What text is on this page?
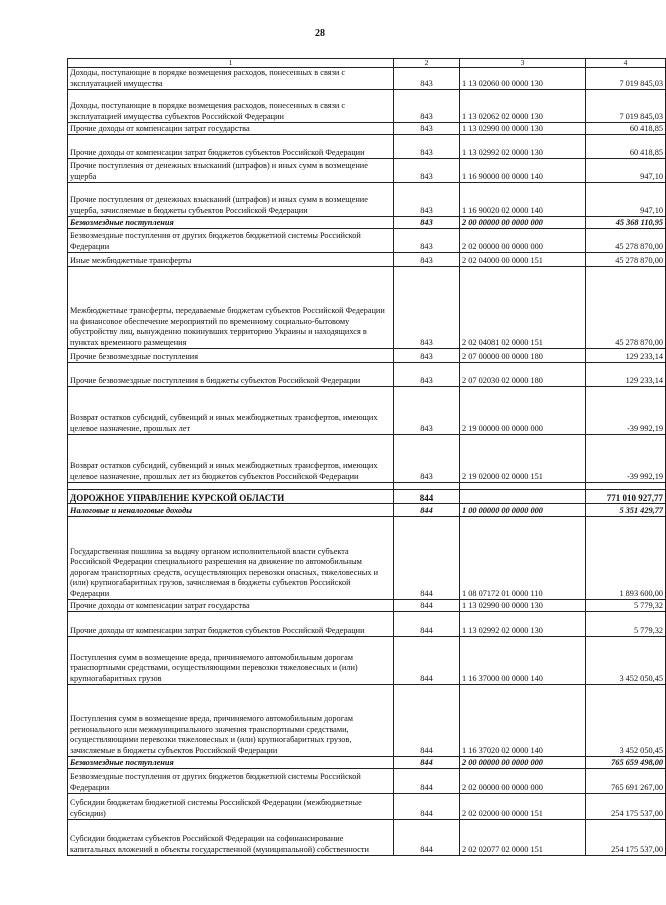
28
1	2	3	4
Доходы, поступающие в порядке возмещения расходов, понесенных в связи с эксплуатацией имущества	843	1 13 02060 00 0000 130	7 019 845,03
Доходы, поступающие в порядке возмещения расходов, понесенных в связи с эксплуатацией имущества субъектов Российской Федерации	843	1 13 02062 02 0000 130	7 019 845,03
Прочие доходы от компенсации затрат государства	843	1 13 02990 00 0000 130	60 418,85
Прочие доходы от компенсации затрат бюджетов субъектов Российской Федерации	843	1 13 02992 02 0000 130	60 418,85
Прочие поступления от денежных взысканий (штрафов) и иных сумм в возмещение ущерба	843	1 16 90000 00 0000 140	947,10
Прочие поступления от денежных взысканий (штрафов) и иных сумм в возмещение ущерба, зачисляемые в бюджеты субъектов Российской Федерации	843	1 16 90020 02 0000 140	947,10
Безвозмездные поступления	843	2 00 00000 00 0000 000	45 368 110,95
Безвозмездные поступления от других бюджетов бюджетной системы Российской Федерации	843	2 02 00000 00 0000 000	45 278 870,00
Иные межбюджетные трансферты	843	2 02 04000 00 0000 151	45 278 870,00
Межбюджетные трансферты, передаваемые бюджетам субъектов Российской Федерации на финансовое обеспечение мероприятий по временному социально-бытовому обустройству лиц, вынужденно покинувших территорию Украины и находящихся в пунктах временного размещения	843	2 02 04081 02 0000 151	45 278 870,00
Прочие безвозмездные поступления	843	2 07 00000 00 0000 180	129 233,14
Прочие безвозмездные поступления в бюджеты субъектов Российской Федерации	843	2 07 02030 02 0000 180	129 233,14
Возврат остатков субсидий, субвенций и иных межбюджетных трансфертов, имеющих целевое назначение, прошлых лет	843	2 19 00000 00 0000 000	-39 992,19
Возврат остатков субсидий, субвенций и иных межбюджетных трансфертов, имеющих целевое назначение, прошлых лет из бюджетов субъектов Российской Федерации	843	2 19 02000 02 0000 151	-39 992,19

ДОРОЖНОЕ УПРАВЛЕНИЕ КУРСКОЙ ОБЛАСТИ	844		771 010 927,77
Налоговые и неналоговые доходы	844	1 00 00000 00 0000 000	5 351 429,77
Государственная пошлина за выдачу органом исполнительной власти субъекта Российской Федерации специального разрешения на движение по автомобильным дорогам транспортных средств, осуществляющих перевозки опасных, тяжеловесных и (или) крупногабаритных грузов, зачисляемая в бюджеты субъектов Российской Федерации	844	1 08 07172 01 0000 110	1 893 600,00
Прочие доходы от компенсации затрат государства	844	1 13 02990 00 0000 130	5 779,32
Прочие доходы от компенсации затрат бюджетов субъектов Российской Федерации	844	1 13 02992 02 0000 130	5 779,32
Поступления сумм в возмещение вреда, причиняемого автомобильным дорогам транспортными средствами, осуществляющими перевозки тяжеловесных и (или) крупногабаритных грузов	844	1 16 37000 00 0000 140	3 452 050,45
Поступления сумм в возмещение вреда, причиняемого автомобильным дорогам регионального или межмуниципального значения транспортными средствами, осуществляющими перевозки тяжеловесных и (или) крупногабаритных грузов, зачисляемые в бюджеты субъектов Российской Федерации	844	1 16 37020 02 0000 140	3 452 050,45
Безвозмездные поступления	844	2 00 00000 00 0000 000	765 659 498,00
Безвозмездные поступления от других бюджетов бюджетной системы Российской Федерации	844	2 02 00000 00 0000 000	765 691 267,00
Субсидии бюджетам бюджетной системы Российской Федерации (межбюджетные субсидии)	844	2 02 02000 00 0000 151	254 175 537,00
Субсидии бюджетам субъектов Российской Федерации на софинансирование капитальных вложений в объекты государственной (муниципальной) собственности	844	2 02 02077 02 0000 151	254 175 537,00
